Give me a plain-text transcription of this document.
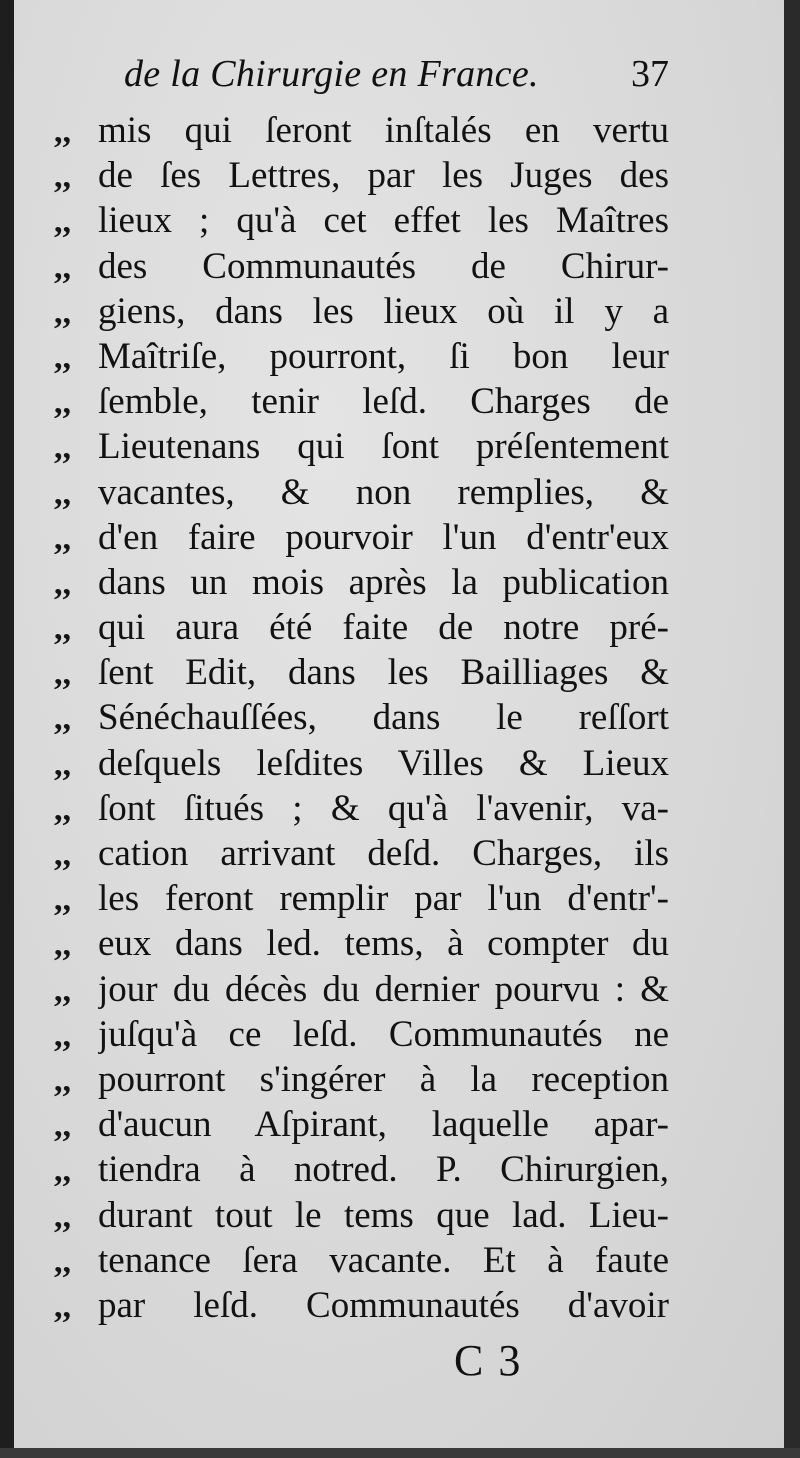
de la Chirurgie en France. 37
,, mis qui ſeront inſtalés en vertu
,, de ſes Lettres, par les Juges des
,, lieux ; qu'à cet effet les Maîtres
,, des Communautés de Chirur-
,, giens, dans les lieux où il y a
,, Maîtriſe, pourront, ſi bon leur
,, ſemble, tenir leſd. Charges de
,, Lieutenans qui ſont préſentement
,, vacantes, & non remplies, &
,, d'en faire pourvoir l'un d'entr'eux
,, dans un mois après la publication
,, qui aura été faite de notre pré-
,, ſent Edit, dans les Bailliages &
,, Sénéchauſſées, dans le reſſort
,, deſquels leſdites Villes & Lieux
,, ſont ſitués ; & qu'à l'avenir, va-
,, cation arrivant deſd. Charges, ils
,, les feront remplir par l'un d'entr'-
,, eux dans led. tems, à compter du
,, jour du décès du dernier pourvu : &
,, juſqu'à ce leſd. Communautés ne
,, pourront s'ingérer à la reception
,, d'aucun Aſpirant, laquelle apar-
,, tiendra à notred. P. Chirurgien,
,, durant tout le tems que lad. Lieu-
,, tenance ſera vacante. Et à faute
,, par leſd. Communautés d'avoir
C 3
